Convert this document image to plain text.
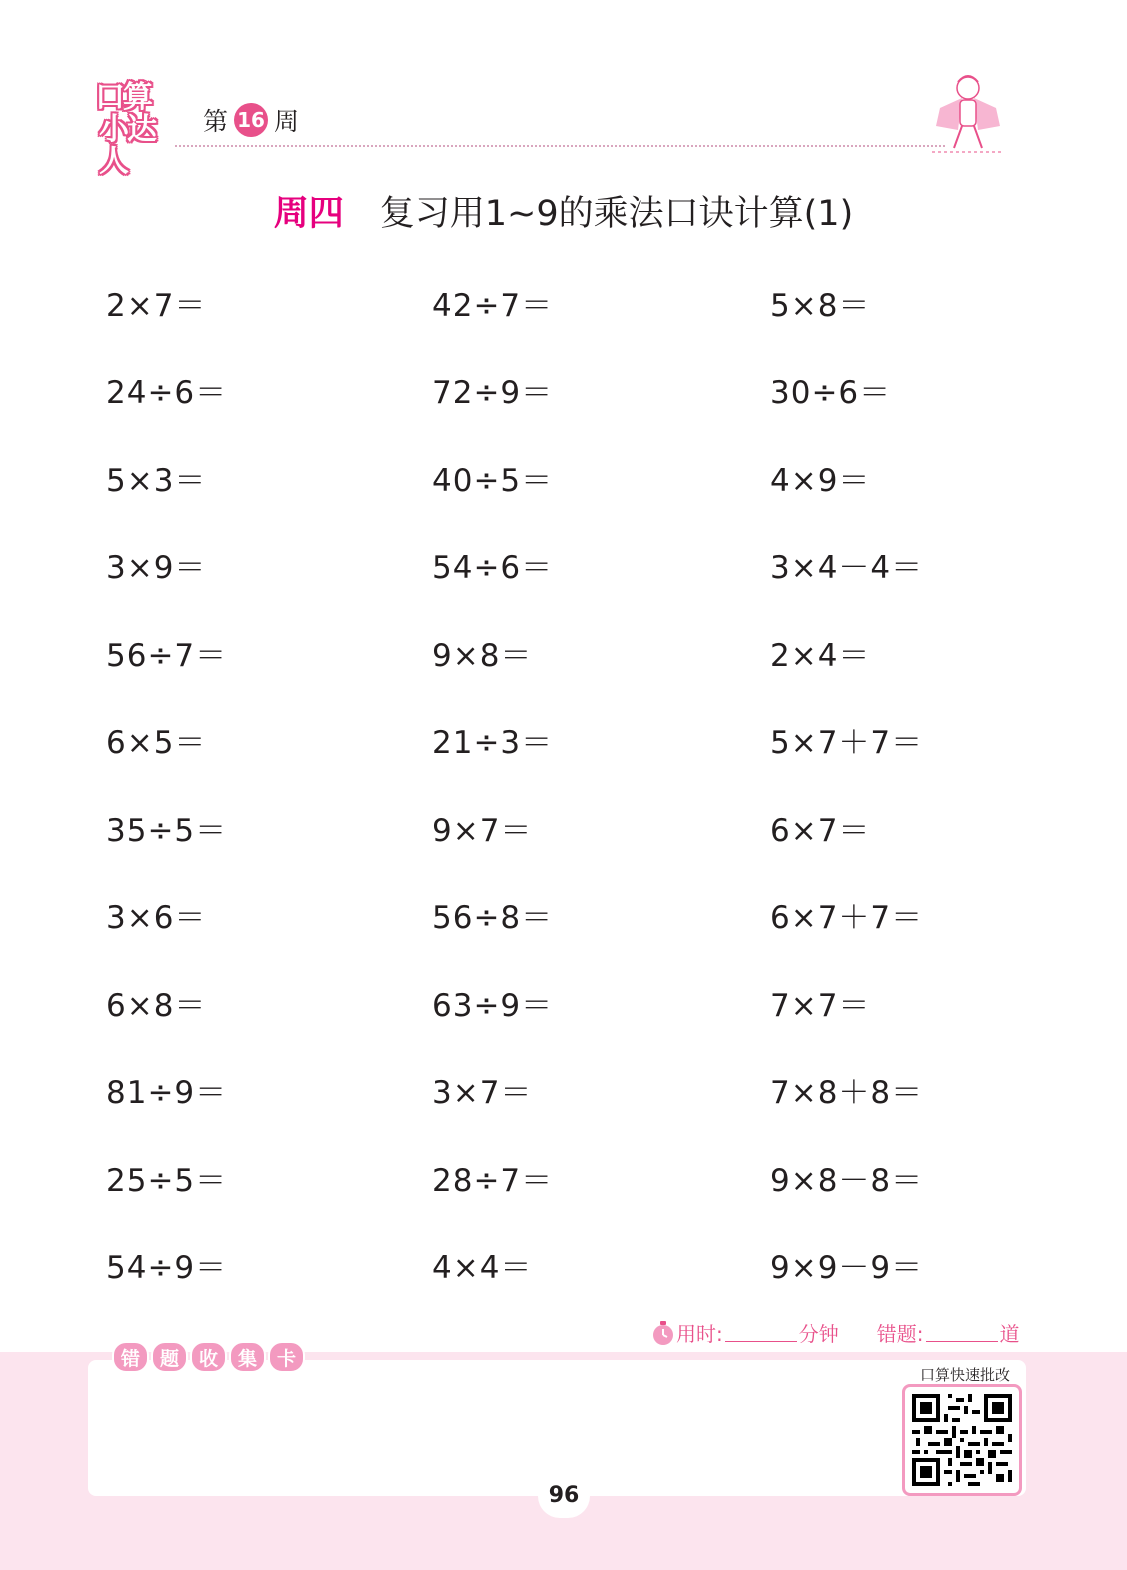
口算
小达人
第 16 周
周四 复习用1~9的乘法口诀计算(1)
2×7＝	42÷7＝	5×8＝
24÷6＝	72÷9＝	30÷6＝
5×3＝	40÷5＝	4×9＝
3×9＝	54÷6＝	3×4－4＝
56÷7＝	9×8＝	2×4＝
6×5＝	21÷3＝	5×7＋7＝
35÷5＝	9×7＝	6×7＝
3×6＝	56÷8＝	6×7＋7＝
6×8＝	63÷9＝	7×7＝
81÷9＝	3×7＝	7×8＋8＝
25÷5＝	28÷7＝	9×8－8＝
54÷9＝	4×4＝	9×9－9＝
用时:	分钟 错题:	道
错	题	收	集	卡
口算快速批改
96
